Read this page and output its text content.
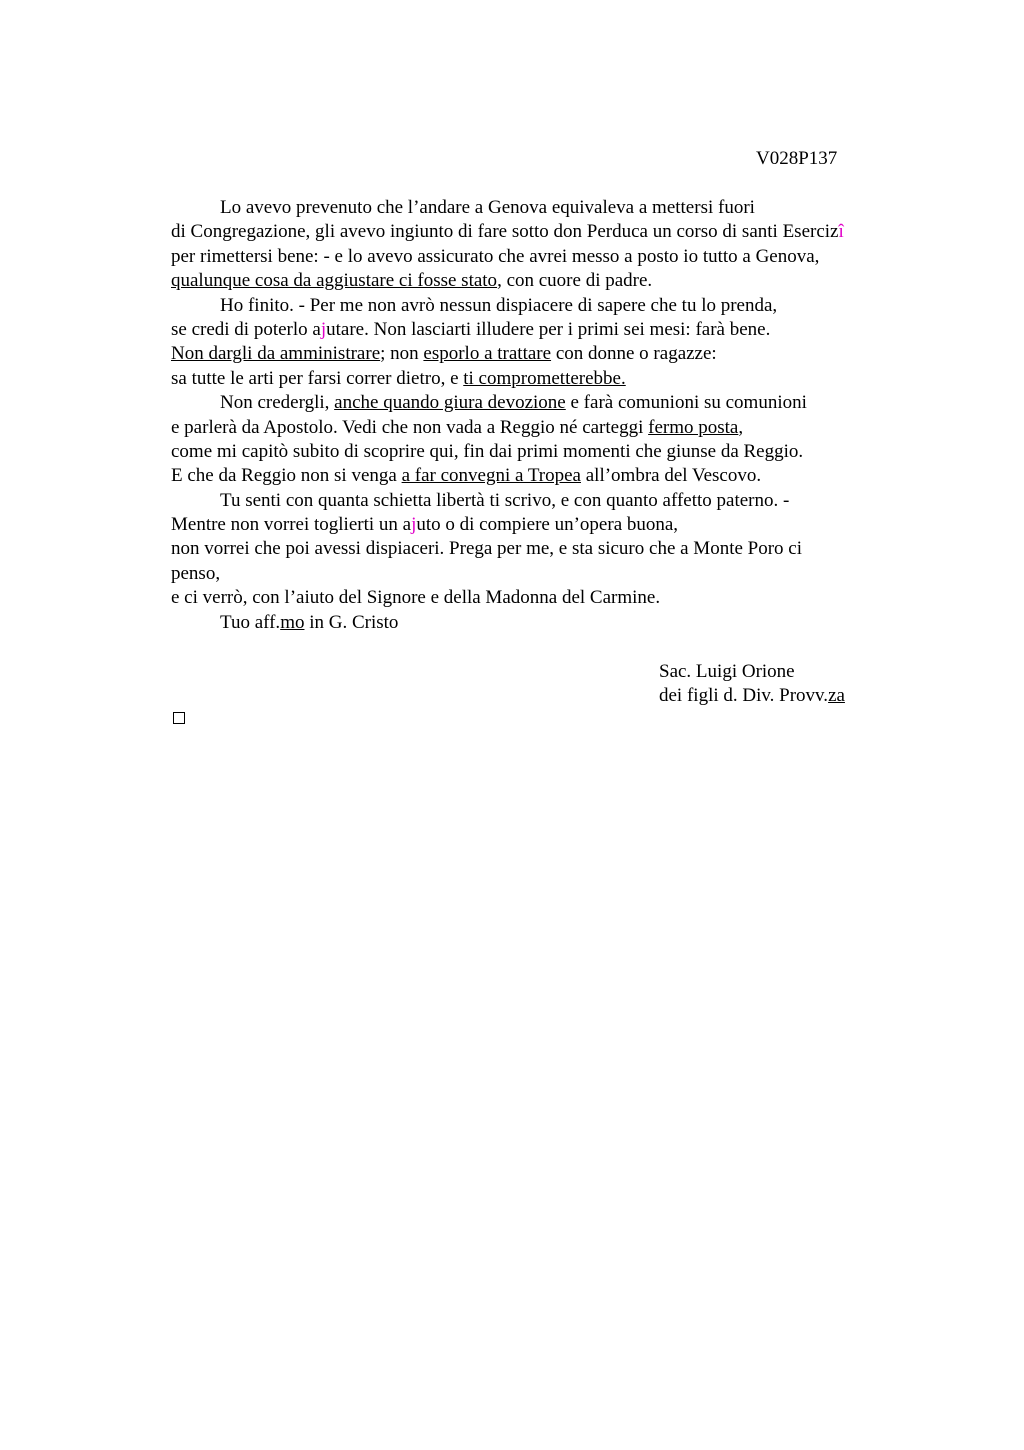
V028P137
Lo avevo prevenuto che l’andare a Genova equivaleva a mettersi fuori
di Congregazione, gli avevo ingiunto di fare sotto don Perduca un corso di santi Esercizî
per rimettersi bene: - e lo avevo assicurato che avrei messo a posto io tutto a Genova,
qualunque cosa da aggiustare ci fosse stato, con cuore di padre.
Ho finito. - Per me non avrò nessun dispiacere di sapere che tu lo prenda,
se credi di poterlo ajutare. Non lasciarti illudere per i primi sei mesi: farà bene.
Non dargli da amministrare; non esporlo a trattare con donne o ragazze:
sa tutte le arti per farsi correr dietro, e ti comprometterebbe.
Non credergli, anche quando giura devozione e farà comunioni su comunioni
e parlerà da Apostolo. Vedi che non vada a Reggio né carteggi fermo posta,
come mi capitò subito di scoprire qui, fin dai primi momenti che giunse da Reggio.
E che da Reggio non si venga a far convegni a Tropea all’ombra del Vescovo.
Tu senti con quanta schietta libertà ti scrivo, e con quanto affetto paterno. -
Mentre non vorrei toglierti un ajuto o di compiere un’opera buona,
non vorrei che poi avessi dispiaceri. Prega per me, e sta sicuro che a Monte Poro ci
penso,
e ci verrò, con l’aiuto del Signore e della Madonna del Carmine.
Tuo aff.mo in G. Cristo
Sac. Luigi Orione
dei figli d. Div. Provv.za
